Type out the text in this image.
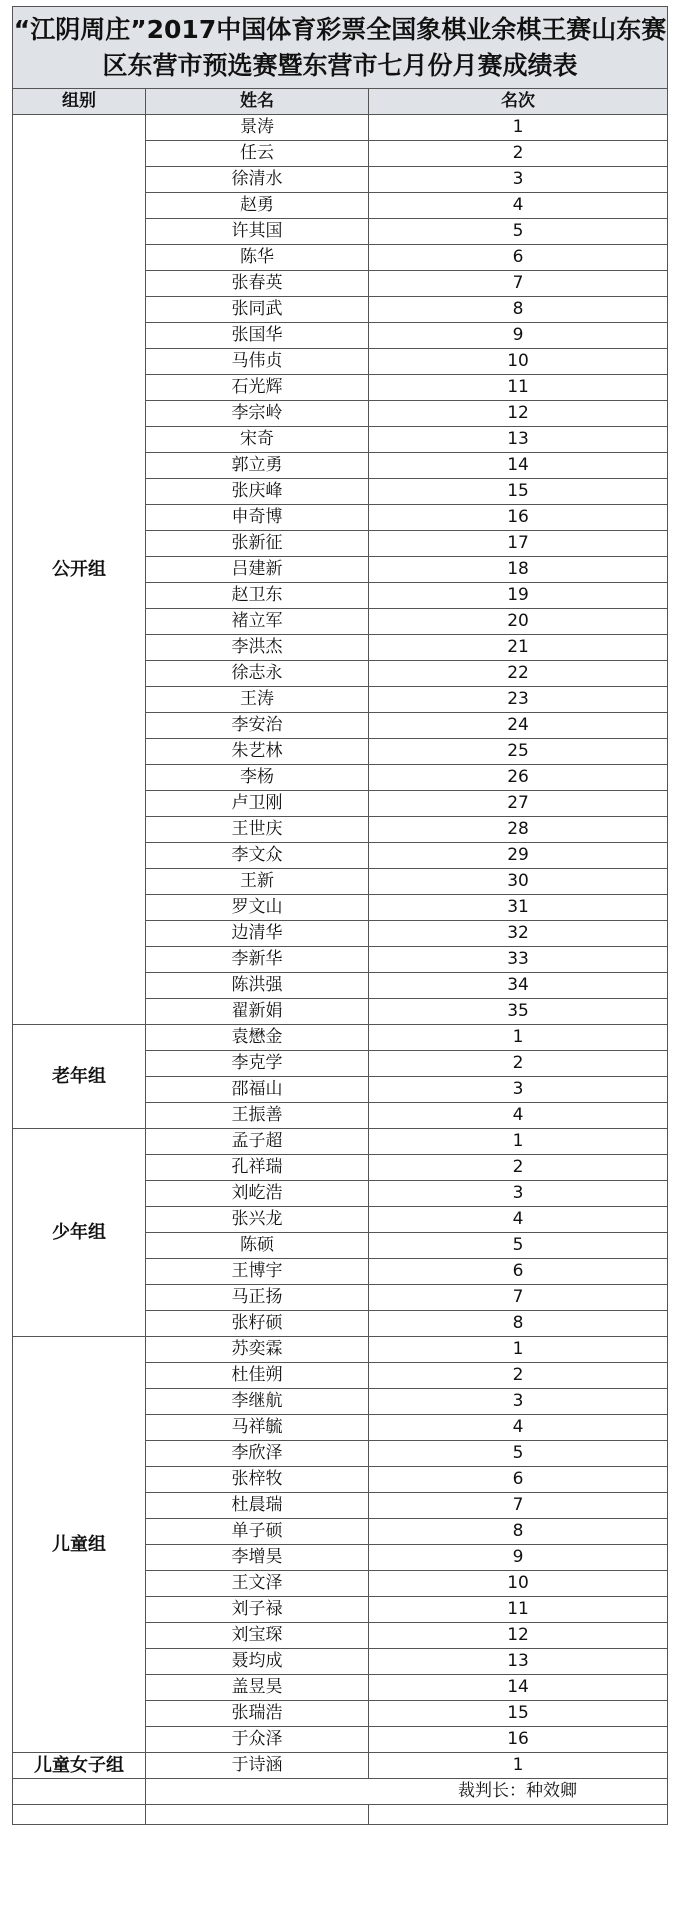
“江阴周庄”2017中国体育彩票全国象棋业余棋王赛山东赛
区东营市预选赛暨东营市七月份月赛成绩表		

组别	姓名	名次
公开组	景涛	1
	任云	2
	徐清水	3
	赵勇	4
	许其国	5
	陈华	6
	张春英	7
	张同武	8
	张国华	9
	马伟贞	10
	石光辉	11
	李宗岭	12
	宋奇	13
	郭立勇	14
	张庆峰	15
	申奇博	16
	张新征	17
	吕建新	18
	赵卫东	19
	褚立军	20
	李洪杰	21
	徐志永	22
	王涛	23
	李安治	24
	朱艺林	25
	李杨	26
	卢卫刚	27
	王世庆	28
	李文众	29
	王新	30
	罗文山	31
	边清华	32
	李新华	33
	陈洪强	34
	翟新娟	35
老年组	袁懋金	1
	李克学	2
	邵福山	3
	王振善	4
少年组	孟子超	1
	孔祥瑞	2
	刘屹浩	3
	张兴龙	4
	陈硕	5
	王博宇	6
	马正扬	7
	张籽硕	8
儿童组	苏奕霖	1
	杜佳朔	2
	李继航	3
	马祥毓	4
	李欣泽	5
	张梓牧	6
	杜晨瑞	7
	单子硕	8
	李增昊	9
	王文泽	10
	刘子禄	11
	刘宝琛	12
	聂均成	13
	盖昱昊	14
	张瑞浩	15
	于众泽	16
儿童女子组	于诗涵	1
	裁判长：种效卿	
